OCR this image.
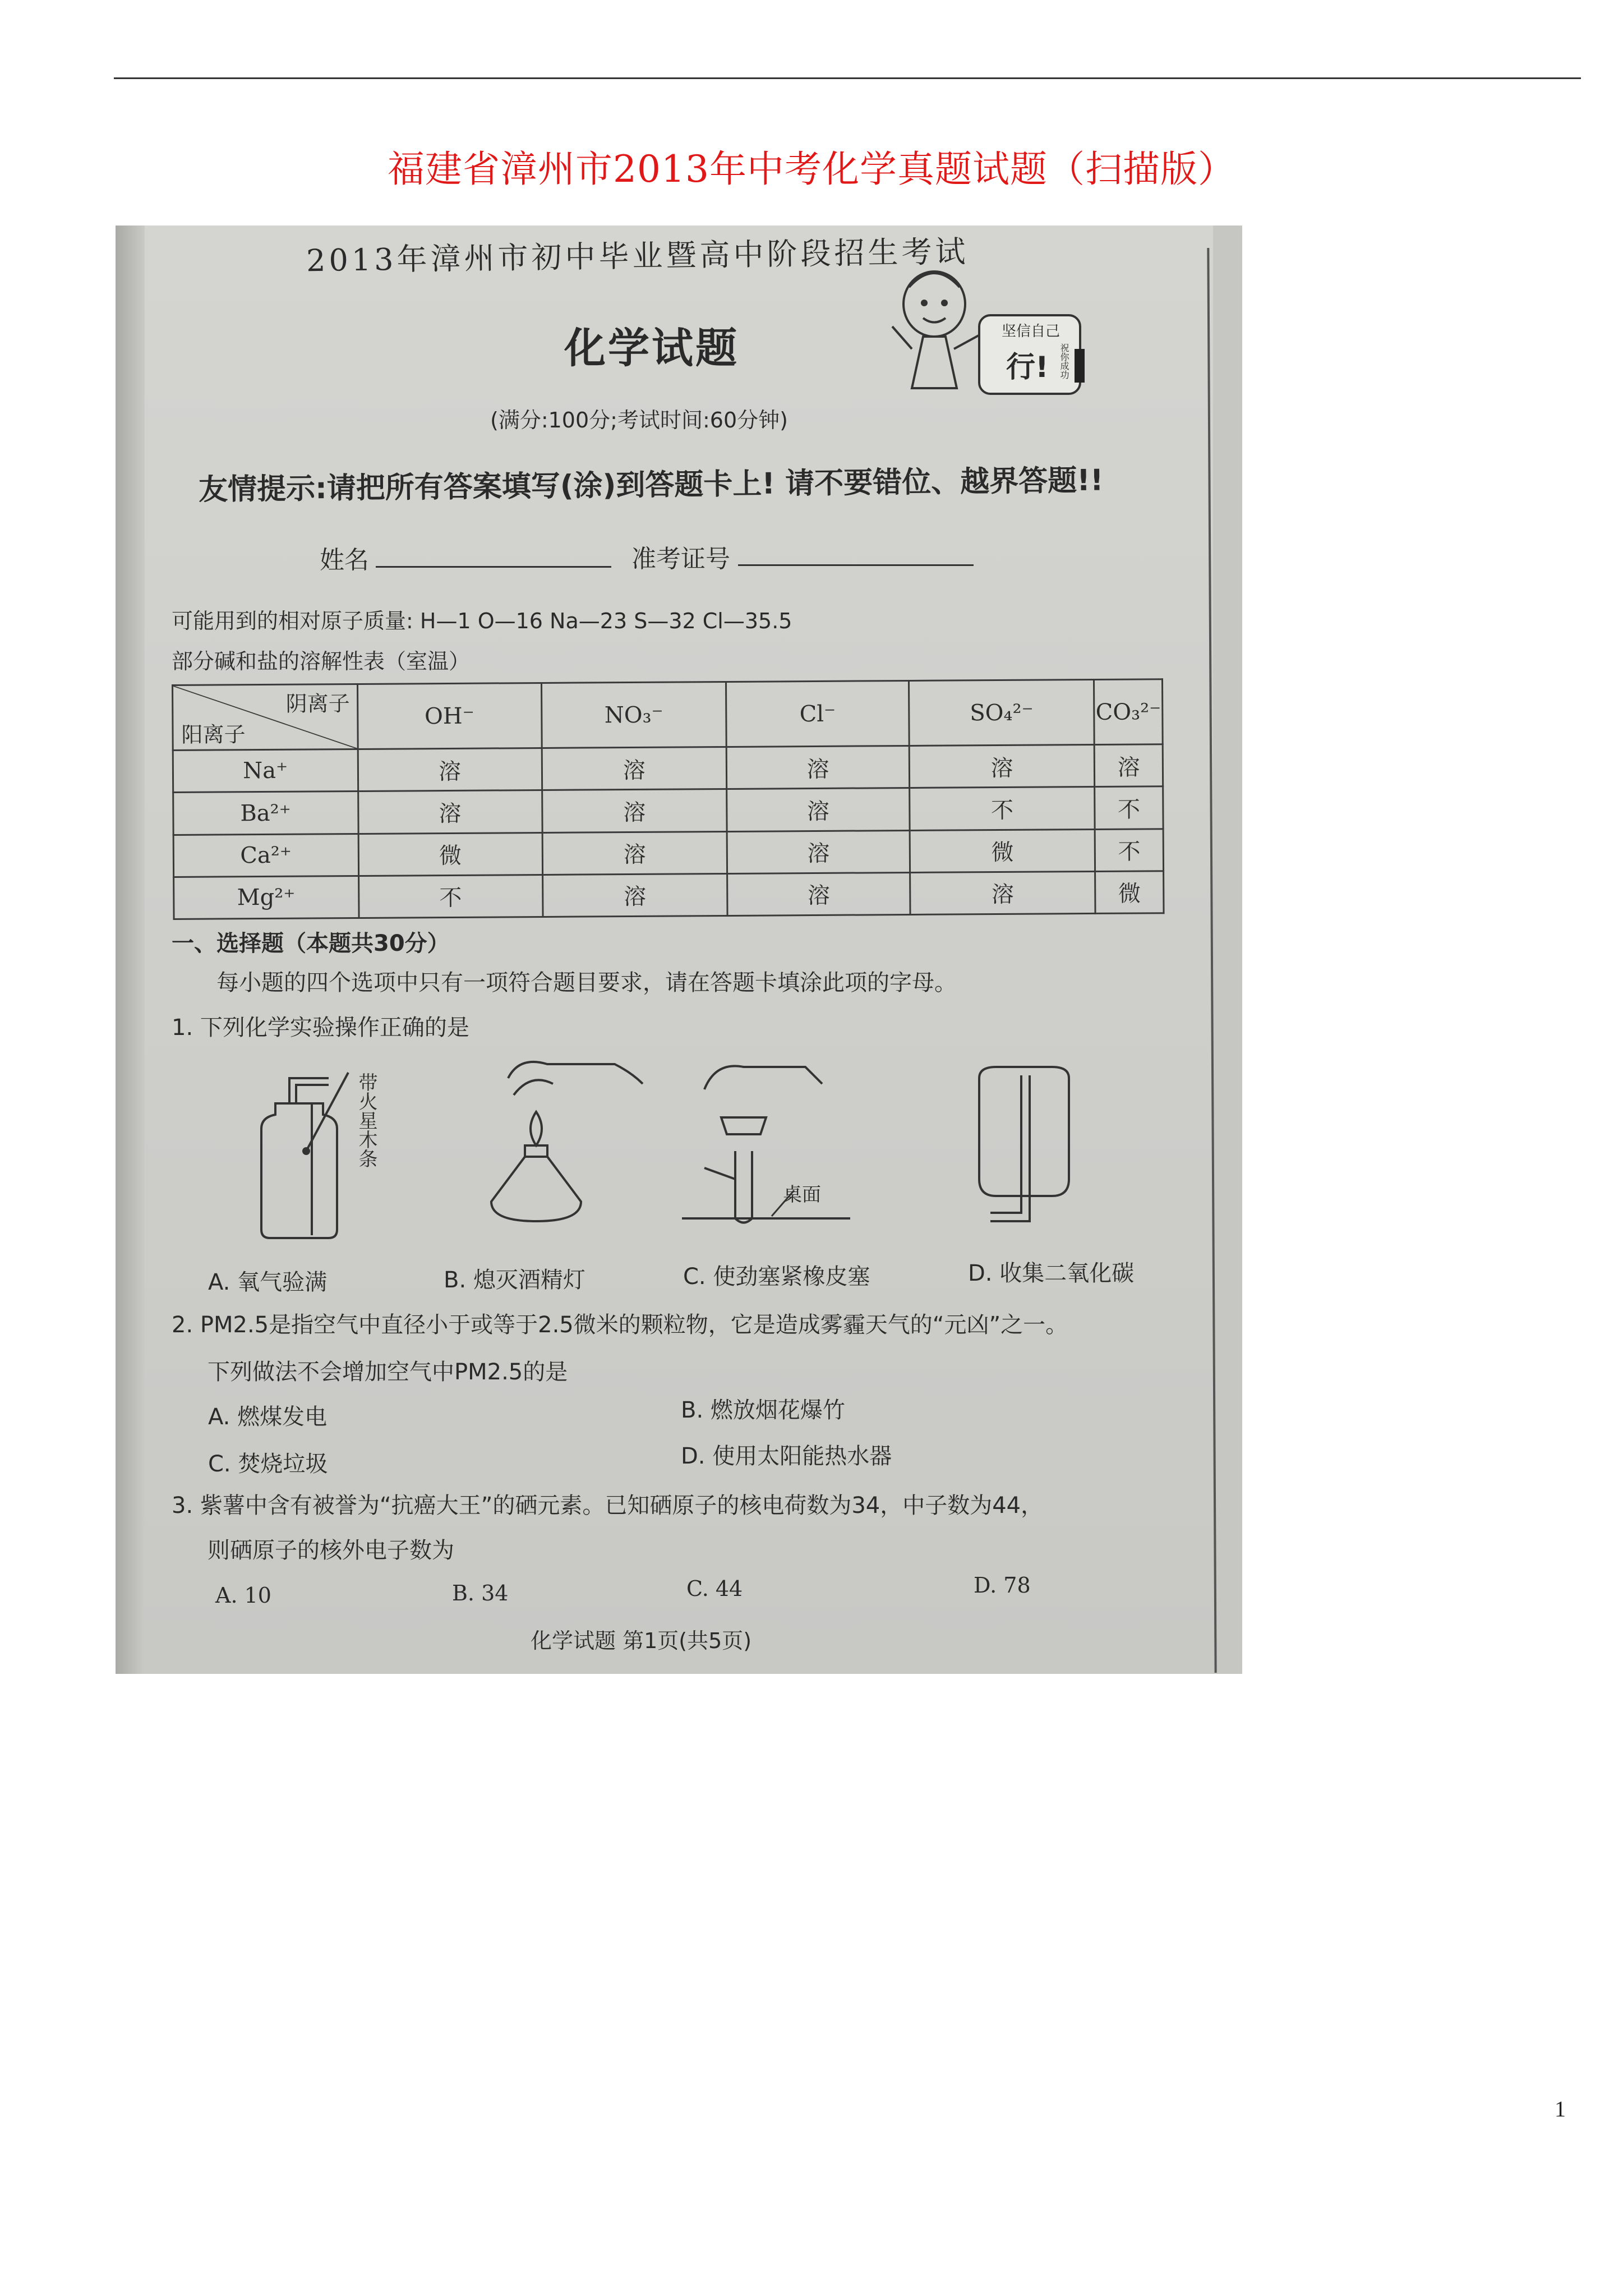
福建省漳州市2013年中考化学真题试题（扫描版）
2013年漳州市初中毕业暨高中阶段招生考试
化学试题	坚信自己
行! 祝你成功
(满分:100分;考试时间:60分钟)
友情提示:请把所有答案填写(涂)到答题卡上! 请不要错位、越界答题!!
姓名	准考证号
可能用到的相对原子质量: H—1 O—16 Na—23 S—32 Cl—35.5
部分碱和盐的溶解性表（室温）
阴离子
阳离子	OH⁻	NO₃⁻	Cl⁻	SO₄²⁻	CO₃²⁻
Na⁺	溶	溶	溶	溶	溶
Ba²⁺	溶	溶	溶	不	不
Ca²⁺	微	溶	溶	微	不
Mg²⁺	不	溶	溶	溶	微
一、选择题（本题共30分）
每小题的四个选项中只有一项符合题目要求，请在答题卡填涂此项的字母。
1. 下列化学实验操作正确的是
带火星木条
桌面
A. 氧气验满	B. 熄灭酒精灯	C. 使劲塞紧橡皮塞	D. 收集二氧化碳
2. PM2.5是指空气中直径小于或等于2.5微米的颗粒物，它是造成雾霾天气的“元凶”之一。
下列做法不会增加空气中PM2.5的是
A. 燃煤发电	B. 燃放烟花爆竹
C. 焚烧垃圾	D. 使用太阳能热水器
3. 紫薯中含有被誉为“抗癌大王”的硒元素。已知硒原子的核电荷数为34，中子数为44，
则硒原子的核外电子数为
A. 10	B. 34	C. 44	D. 78
化学试题 第1页(共5页)
1
